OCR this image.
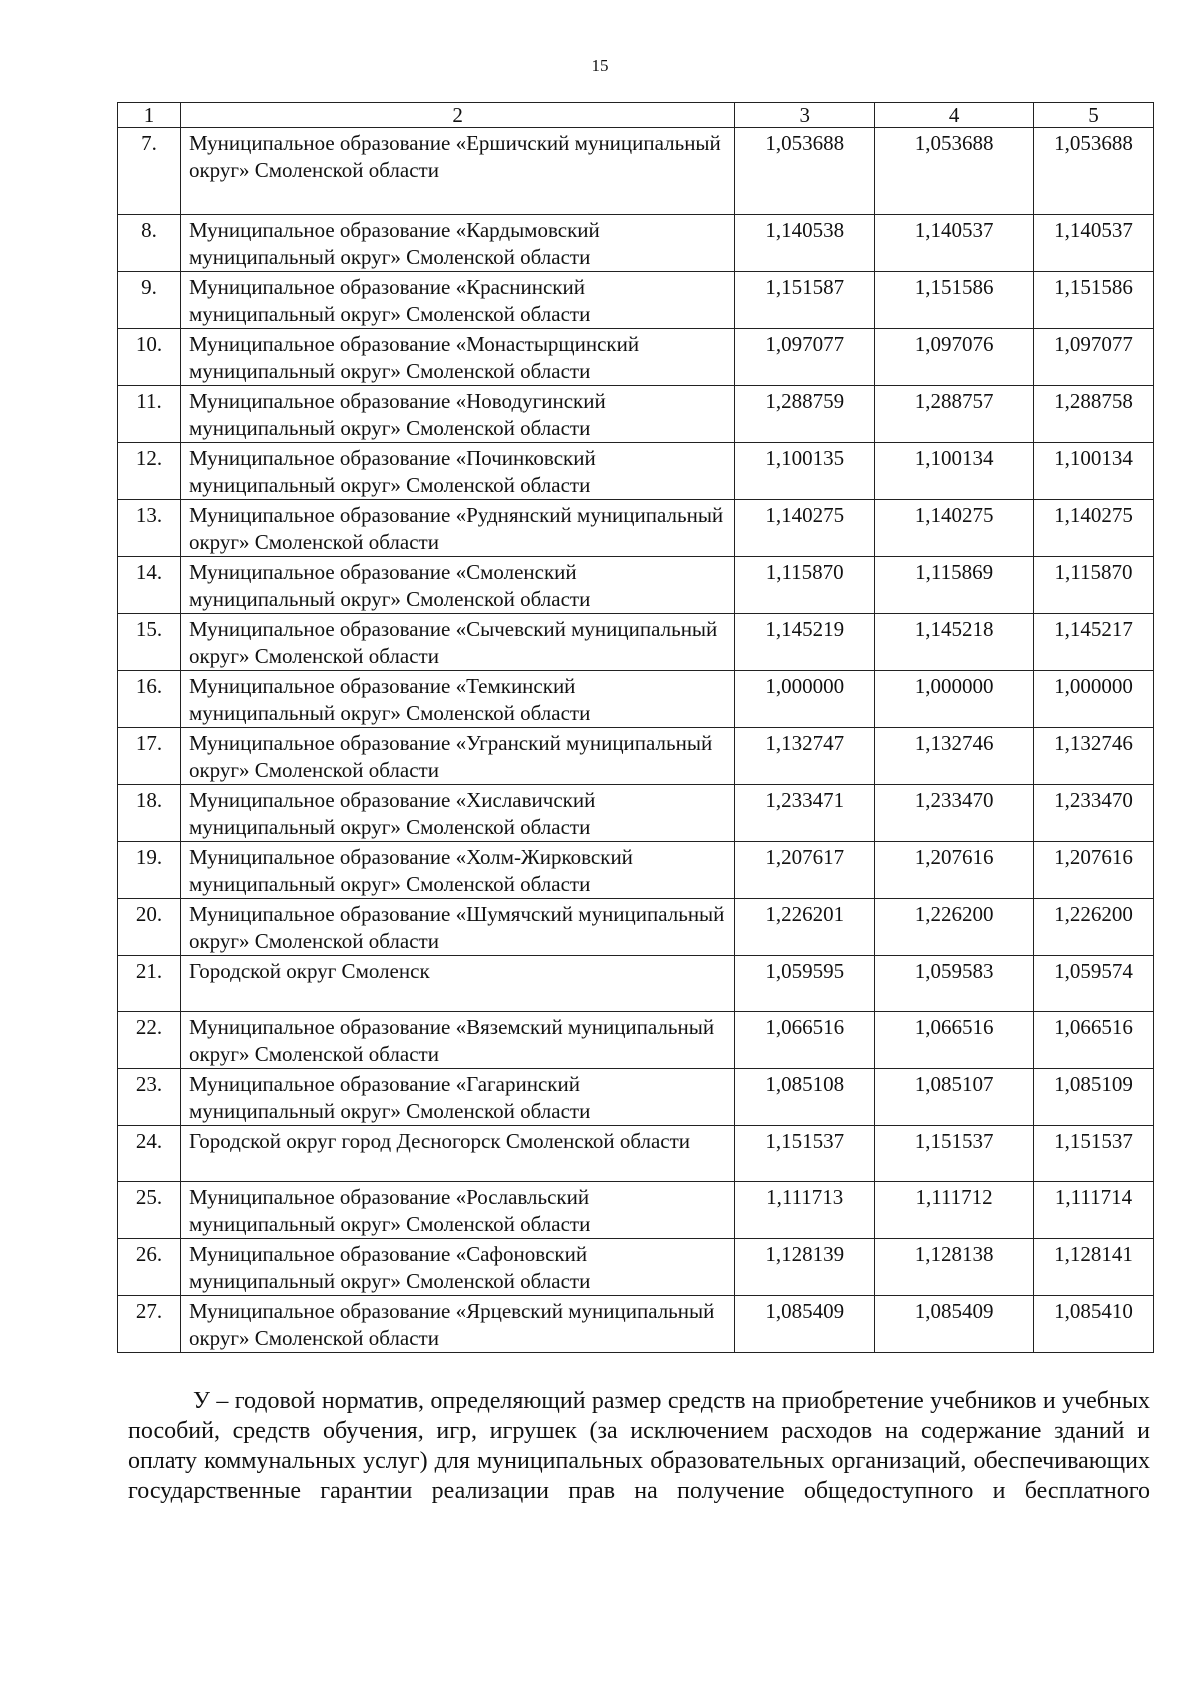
15
1	2	3	4	5
7.	Муниципальное образование «Ершичский муниципальный округ» Смоленской области	1,053688	1,053688	1,053688
8.	Муниципальное образование «Кардымовский муниципальный округ» Смоленской области	1,140538	1,140537	1,140537
9.	Муниципальное образование «Краснинский муниципальный округ» Смоленской области	1,151587	1,151586	1,151586
10.	Муниципальное образование «Монастырщинский муниципальный округ» Смоленской области	1,097077	1,097076	1,097077
11.	Муниципальное образование «Новодугинский муниципальный округ» Смоленской области	1,288759	1,288757	1,288758
12.	Муниципальное образование «Починковский муниципальный округ» Смоленской области	1,100135	1,100134	1,100134
13.	Муниципальное образование «Руднянский муниципальный округ» Смоленской области	1,140275	1,140275	1,140275
14.	Муниципальное образование «Смоленский муниципальный округ» Смоленской области	1,115870	1,115869	1,115870
15.	Муниципальное образование «Сычевский муниципальный округ» Смоленской области	1,145219	1,145218	1,145217
16.	Муниципальное образование «Темкинский муниципальный округ» Смоленской области	1,000000	1,000000	1,000000
17.	Муниципальное образование «Угранский муниципальный округ» Смоленской области	1,132747	1,132746	1,132746
18.	Муниципальное образование «Хиславичский муниципальный округ» Смоленской области	1,233471	1,233470	1,233470
19.	Муниципальное образование «Холм-Жирковский муниципальный округ» Смоленской области	1,207617	1,207616	1,207616
20.	Муниципальное образование «Шумячский муниципальный округ» Смоленской области	1,226201	1,226200	1,226200
21.	Городской округ Смоленск	1,059595	1,059583	1,059574
22.	Муниципальное образование «Вяземский муниципальный округ» Смоленской области	1,066516	1,066516	1,066516
23.	Муниципальное образование «Гагаринский муниципальный округ» Смоленской области	1,085108	1,085107	1,085109
24.	Городской округ город Десногорск Смоленской области	1,151537	1,151537	1,151537
25.	Муниципальное образование «Рославльский муниципальный округ» Смоленской области	1,111713	1,111712	1,111714
26.	Муниципальное образование «Сафоновский муниципальный округ» Смоленской области	1,128139	1,128138	1,128141
27.	Муниципальное образование «Ярцевский муниципальный округ» Смоленской области	1,085409	1,085409	1,085410

У – годовой норматив, определяющий размер средств на приобретение учебников и учебных пособий, средств обучения, игр, игрушек (за исключением расходов на содержание зданий и оплату коммунальных услуг) для муниципальных образовательных организаций, обеспечивающих государственные гарантии реализации прав на получение общедоступного и бесплатного
